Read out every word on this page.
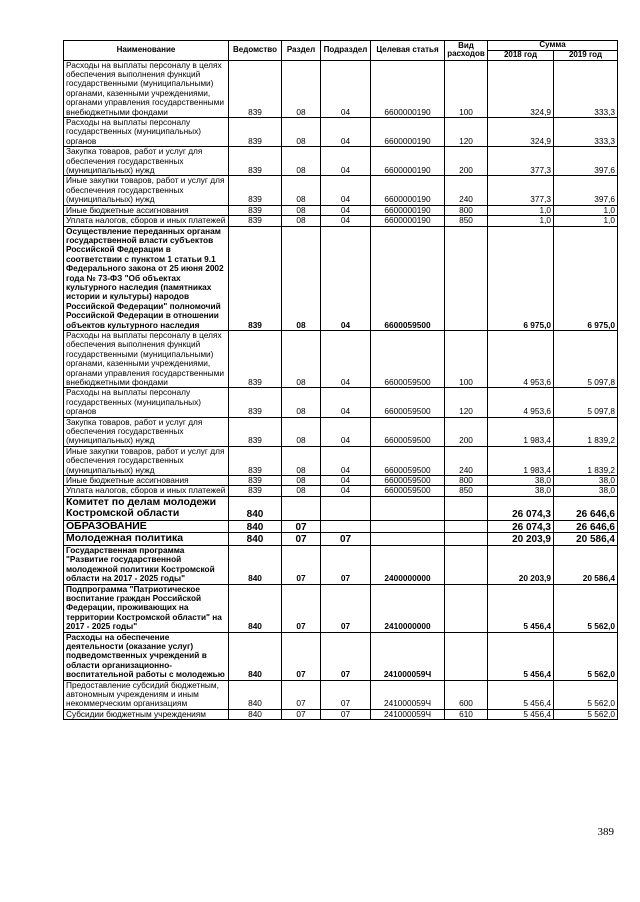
Наименование	Ведомство	Раздел	Подраздел	Целевая статья	Вид расходов	Сумма	
						2018 год	2019 год
Расходы на выплаты персоналу в целях обеспечения выполнения функций государственными (муниципальными) органами, казенными учреждениями, органами управления государственными внебюджетными фондами	839	08	04	6600000190	100	324,9	333,3
Расходы на выплаты персоналу государственных (муниципальных) органов	839	08	04	6600000190	120	324,9	333,3
Закупка товаров, работ и услуг для обеспечения государственных (муниципальных) нужд	839	08	04	6600000190	200	377,3	397,6
Иные закупки товаров, работ и услуг для обеспечения государственных (муниципальных) нужд	839	08	04	6600000190	240	377,3	397,6
Иные бюджетные ассигнования	839	08	04	6600000190	800	1,0	1,0
Уплата налогов, сборов и иных платежей	839	08	04	6600000190	850	1,0	1,0
Осуществление переданных органам государственной власти субъектов Российской Федерации в соответствии с пунктом 1 статьи 9.1 Федерального закона от 25 июня 2002 года № 73-ФЗ "Об объектах культурного наследия (памятниках истории и культуры) народов Российской Федерации" полномочий Российской Федерации в отношении объектов культурного наследия	839	08	04	6600059500		6 975,0	6 975,0
Расходы на выплаты персоналу в целях обеспечения выполнения функций государственными (муниципальными) органами, казенными учреждениями, органами управления государственными внебюджетными фондами	839	08	04	6600059500	100	4 953,6	5 097,8
Расходы на выплаты персоналу государственных (муниципальных) органов	839	08	04	6600059500	120	4 953,6	5 097,8
Закупка товаров, работ и услуг для обеспечения государственных (муниципальных) нужд	839	08	04	6600059500	200	1 983,4	1 839,2
Иные закупки товаров, работ и услуг для обеспечения государственных (муниципальных) нужд	839	08	04	6600059500	240	1 983,4	1 839,2
Иные бюджетные ассигнования	839	08	04	6600059500	800	38,0	38,0
Уплата налогов, сборов и иных платежей	839	08	04	6600059500	850	38,0	38,0
Комитет по делам молодежи Костромской области	840					26 074,3	26 646,6
ОБРАЗОВАНИЕ	840	07				26 074,3	26 646,6
Молодежная политика	840	07	07			20 203,9	20 586,4
Государственная программа "Развитие государственной молодежной политики Костромской области на 2017 - 2025 годы"	840	07	07	2400000000		20 203,9	20 586,4
Подпрограмма "Патриотическое воспитание граждан Российской Федерации, проживающих на территории Костромской области" на 2017 - 2025 годы"	840	07	07	2410000000		5 456,4	5 562,0
Расходы на обеспечение деятельности (оказание услуг) подведомственных учреждений в области организационно-воспитательной работы с молодежью	840	07	07	241000059Ч		5 456,4	5 562,0
Предоставление субсидий бюджетным, автономным учреждениям и иным некоммерческим организациям	840	07	07	241000059Ч	600	5 456,4	5 562,0
Субсидии бюджетным учреждениям	840	07	07	241000059Ч	610	5 456,4	5 562,0
389
